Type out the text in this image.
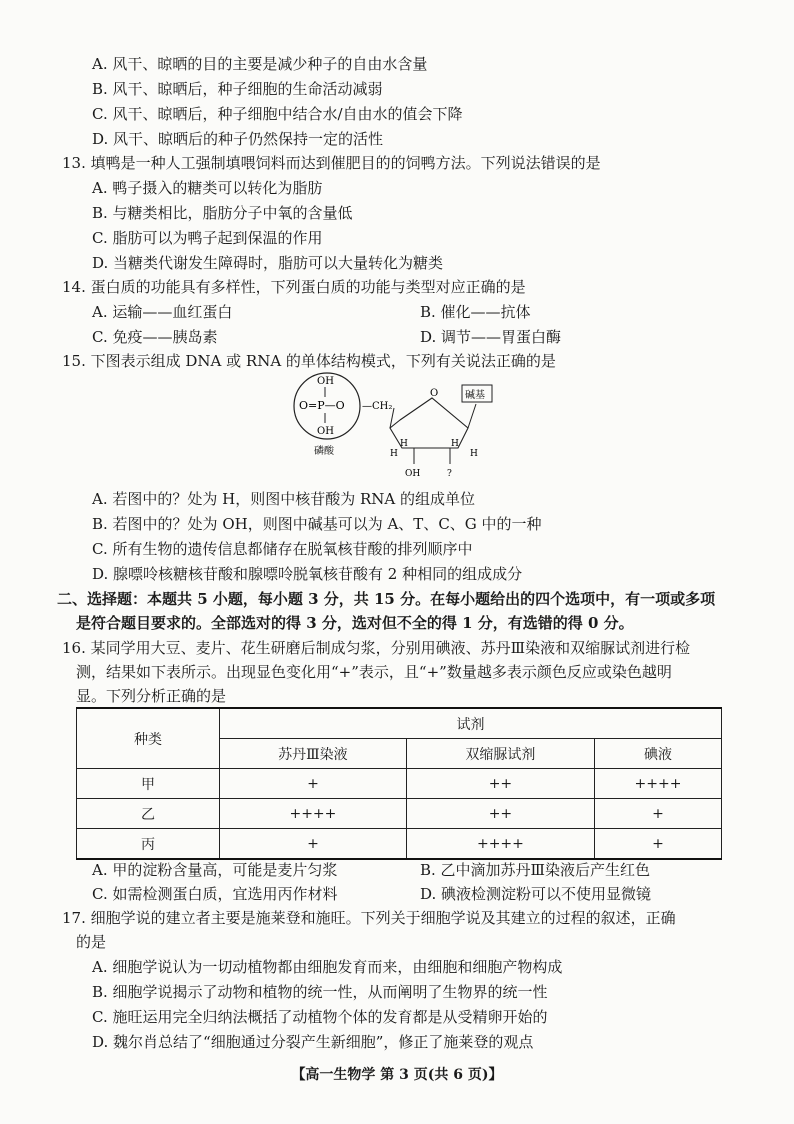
A. 风干、晾晒的目的主要是减少种子的自由水含量
B. 风干、晾晒后，种子细胞的生命活动减弱
C. 风干、晾晒后，种子细胞中结合水/自由水的值会下降
D. 风干、晾晒后的种子仍然保持一定的活性
13. 填鸭是一种人工强制填喂饲料而达到催肥目的的饲鸭方法。下列说法错误的是
A. 鸭子摄入的糖类可以转化为脂肪
B. 与糖类相比，脂肪分子中氧的含量低
C. 脂肪可以为鸭子起到保温的作用
D. 当糖类代谢发生障碍时，脂肪可以大量转化为糖类
14. 蛋白质的功能具有多样性，下列蛋白质的功能与类型对应正确的是
A. 运输——血红蛋白	B. 催化——抗体
C. 免疫——胰岛素	D. 调节——胃蛋白酶
15. 下图表示组成 DNA 或 RNA 的单体结构模式，下列有关说法正确的是
OH
O=P—O
OH
磷酸
—CH₂
O	碱基
H	H
H	H
OH	?
A. 若图中的？处为 H，则图中核苷酸为 RNA 的组成单位
B. 若图中的？处为 OH，则图中碱基可以为 A、T、C、G 中的一种
C. 所有生物的遗传信息都储存在脱氧核苷酸的排列顺序中
D. 腺嘌呤核糖核苷酸和腺嘌呤脱氧核苷酸有 2 种相同的组成成分
二、选择题：本题共 5 小题，每小题 3 分，共 15 分。在每小题给出的四个选项中，有一项或多项
是符合题目要求的。全部选对的得 3 分，选对但不全的得 1 分，有选错的得 0 分。
16. 某同学用大豆、麦片、花生研磨后制成匀浆，分别用碘液、苏丹Ⅲ染液和双缩脲试剂进行检
测，结果如下表所示。出现显色变化用“+”表示，且“+”数量越多表示颜色反应或染色越明
显。下列分析正确的是
种类	试剂		
	苏丹Ⅲ染液	双缩脲试剂	碘液
甲	+	++	++++
乙	++++	++	+
丙	+	++++	+
A. 甲的淀粉含量高，可能是麦片匀浆	B. 乙中滴加苏丹Ⅲ染液后产生红色
C. 如需检测蛋白质，宜选用丙作材料	D. 碘液检测淀粉可以不使用显微镜
17. 细胞学说的建立者主要是施莱登和施旺。下列关于细胞学说及其建立的过程的叙述，正确
的是
A. 细胞学说认为一切动植物都由细胞发育而来，由细胞和细胞产物构成
B. 细胞学说揭示了动物和植物的统一性，从而阐明了生物界的统一性
C. 施旺运用完全归纳法概括了动植物个体的发育都是从受精卵开始的
D. 魏尔肖总结了“细胞通过分裂产生新细胞”，修正了施莱登的观点
【高一生物学 第 3 页(共 6 页)】
